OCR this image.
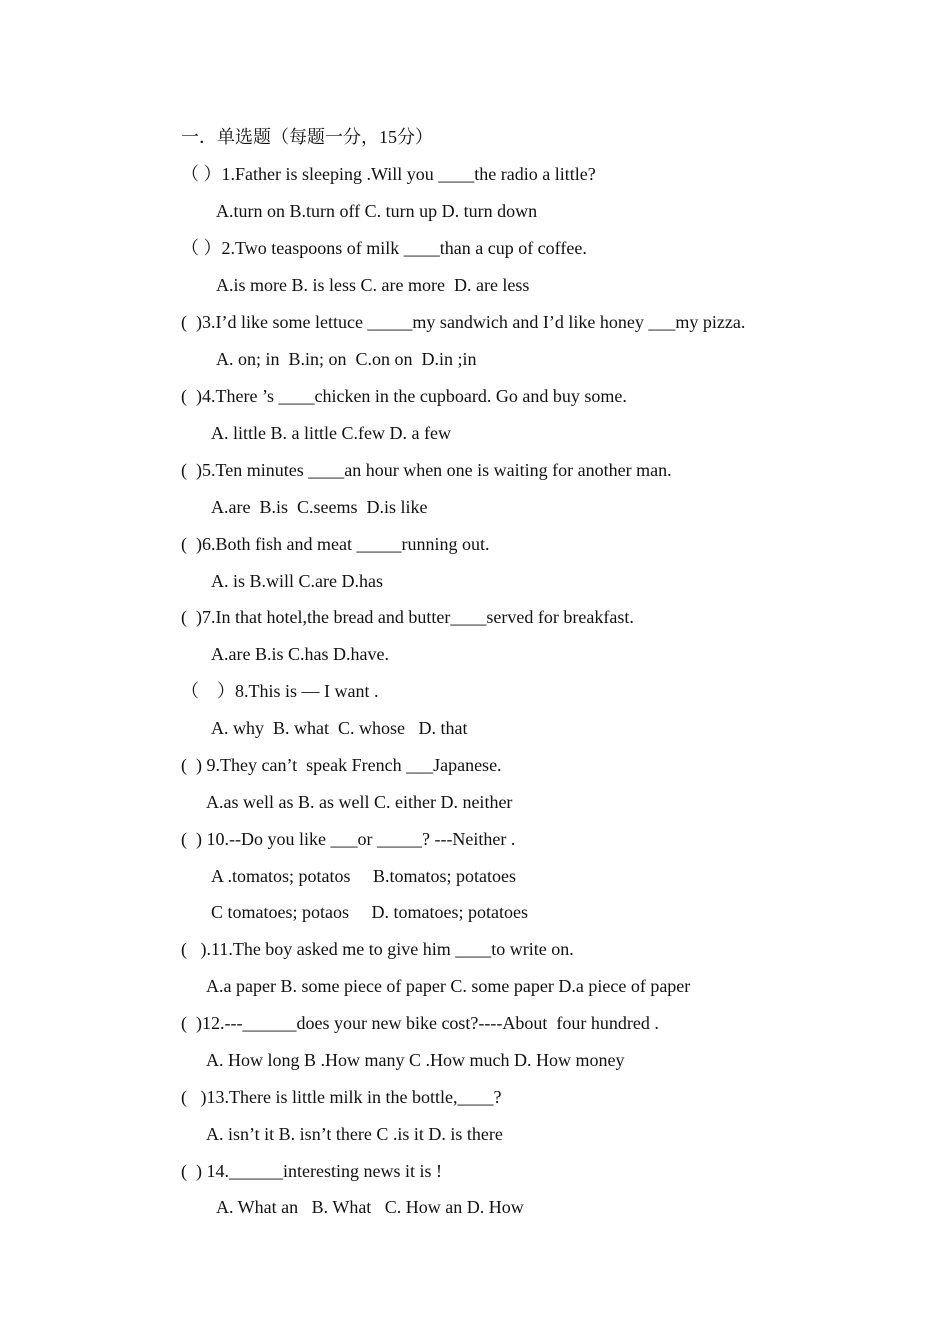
一．单选题（每题一分，15分）
（ ）1.Father is sleeping .Will you ____the radio a little?
A.turn on B.turn off C. turn up D. turn down
（ ）2.Two teaspoons of milk ____than a cup of coffee.
A.is more B. is less C. are more  D. are less
(  )3.I’d like some lettuce _____my sandwich and I’d like honey ___my pizza.
A. on; in  B.in; on  C.on on  D.in ;in
(  )4.There ’s ____chicken in the cupboard. Go and buy some.
A. little B. a little C.few D. a few
(  )5.Ten minutes ____an hour when one is waiting for another man.
A.are  B.is  C.seems  D.is like
(  )6.Both fish and meat _____running out.
A. is B.will C.are D.has
(  )7.In that hotel,the bread and butter____served for breakfast.
A.are B.is C.has D.have.
（    ）8.This is — I want .
A. why  B. what  C. whose   D. that
(  ) 9.They can’t  speak French ___Japanese.
A.as well as B. as well C. either D. neither
(  ) 10.--Do you like ___or _____? ---Neither .
A .tomatos; potatos     B.tomatos; potatoes
C tomatoes; potaos     D. tomatoes; potatoes
(   ).11.The boy asked me to give him ____to write on.
A.a paper B. some piece of paper C. some paper D.a piece of paper
(  )12.---______does your new bike cost?----About  four hundred .
A. How long B .How many C .How much D. How money
(   )13.There is little milk in the bottle,____?
A. isn’t it B. isn’t there C .is it D. is there
(  ) 14.______interesting news it is !
A. What an   B. What   C. How an D. How
